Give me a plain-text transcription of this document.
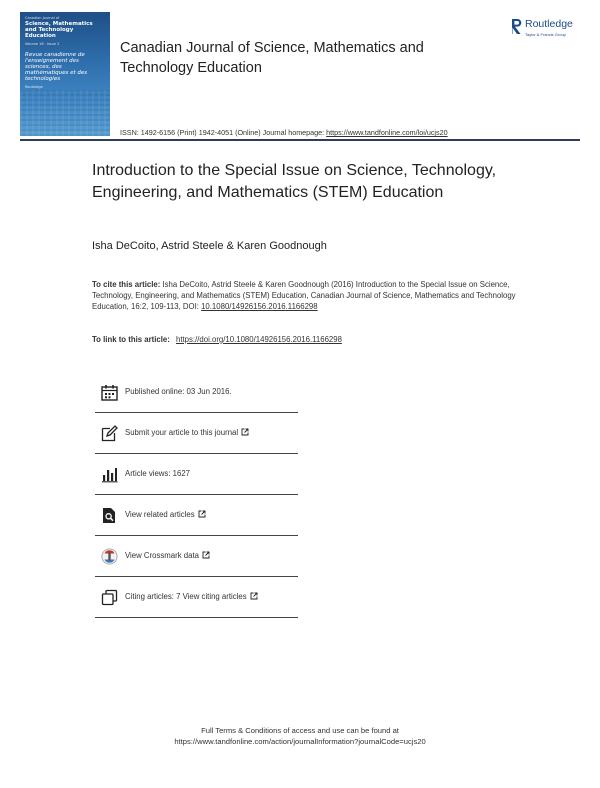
Canadian Journal of
Science, Mathematics and Technology Education
Volume 16 · Issue 2
Revue canadienne de l'enseignement des sciences, des mathématiques et des technologies
Routledge
Canadian Journal of Science, Mathematics and Technology Education
Routledge
Taylor & Francis Group
ISSN: 1492-6156 (Print) 1942-4051 (Online) Journal homepage: https://www.tandfonline.com/loi/ucjs20
Introduction to the Special Issue on Science, Technology, Engineering, and Mathematics (STEM) Education
Isha DeCoito, Astrid Steele & Karen Goodnough
To cite this article: Isha DeCoito, Astrid Steele & Karen Goodnough (2016) Introduction to the Special Issue on Science, Technology, Engineering, and Mathematics (STEM) Education, Canadian Journal of Science, Mathematics and Technology Education, 16:2, 109-113, DOI: 10.1080/14926156.2016.1166298
To link to this article: https://doi.org/10.1080/14926156.2016.1166298
Published online: 03 Jun 2016.
Submit your article to this journal
Article views: 1627
View related articles
View Crossmark data
Citing articles: 7 View citing articles
Full Terms & Conditions of access and use can be found at
https://www.tandfonline.com/action/journalInformation?journalCode=ucjs20
